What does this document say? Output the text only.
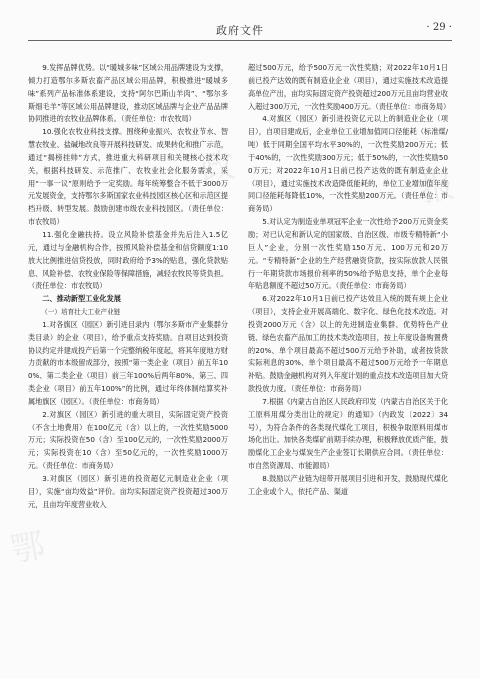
政府文件	· 29 ·

9.发挥品牌优势。以“暖城多味”区域公用品牌建设为支撑，倾力打造鄂尔多斯农畜产品区域公用品牌，积极推进“暖城多味”系列产品标准体系建设，支持“阿尔巴斯山羊肉”、“鄂尔多斯细毛羊”等区域公用品牌建设，推动区域品牌与企业产品品牌协同推进的农牧业品牌体系。（责任单位：市农牧局）

10.强化农牧业科技支撑。围绕种业振兴、农牧业节水、智慧农牧业、盐碱地改良等开展科技研发、成果转化和推广示范，通过“揭榜挂帅”方式，推进重大科研项目和关键核心技术攻关，根据科技研发、示范推广、农牧业社会化服务需求，采用“一事一议”原则给予一定奖励。每年统筹整合不低于3000万元发展资金，支持鄂尔多斯国家农业科技园区核心区和示范区提档升级、转型发展。鼓励创建市级农业科技园区。（责任单位：市农牧局）

11.强化金融扶持。设立风险补偿基金并先后注入1.5亿元，通过与金融机构合作，按照风险补偿基金和信贷额度1:10放大比例推进信贷投放，同时政府给予3%的贴息，强化贷款贴息、风险补偿、农牧业保险等保障措施，减轻农牧民等贷负担。（责任单位：市农牧局）

二、推动新型工业化发展

（一）培育壮大工业产业链

1.对各旗区（园区）新引进目录内（鄂尔多斯市产业集群分类目录）的企业（项目），给予重点支持奖励。自项目达到投资协议约定并建成投产后第一个完整纳税年度起，将其年度地方财力贡献的市本级留成部分，按照“第一类企业（项目）前五年100%、第二类企业（项目）前三年100%后两年80%、第三、四类企业（项目）前五年100%”的比例，通过年终体制结算奖补属地旗区（园区）。（责任单位：市商务局）

2.对旗区（园区）新引进的重大项目，实际固定资产投资（不含土地费用）在100亿元（含）以上的，一次性奖励5000万元；实际投资在50（含）至100亿元的，一次性奖励2000万元；实际投资在10（含）至50亿元的，一次性奖励1000万元。（责任单位：市商务局）

3.对旗区（园区）新引进的投资超亿元制造业企业（项目），实施“亩均效益”评价。亩均实际固定资产投资超过300万元，且亩均年度营业收入

超过500万元，给予500万元一次性奖励；对2022年10月1日前已投产达效的既有制造业企业（项目），通过实施技术改造提高单位产出，亩均实际固定资产投资超过200万元且亩均营业收入超过300万元，一次性奖励400万元。（责任单位：市商务局）

4.对旗区（园区）新引进投资亿元以上的制造业企业（项目），自项目建成后，企业单位工业增加值同口径能耗（标准煤/吨）低于同期全国平均水平30%的，一次性奖励200万元；低于40%的，一次性奖励300万元；低于50%的，一次性奖励500万元；对2022年10月1日前已投产达效的既有制造业企业（项目），通过实施技术改造降低能耗的，单位工业增加值年度同口径能耗每降低10%，一次性奖励200万元。（责任单位：市商务局）

5.对认定为制造业单项冠军企业一次性给予200万元资金奖励；对已认定和新认定的国家级、自治区级、市级专精特新“小巨人”企业，分别一次性奖励150万元、100万元和20万元。“专精特新”企业的生产经营融资贷款，按实际放款人民银行一年期贷款市场报价利率的50%给予贴息支持，单个企业每年贴息额度不超过50万元。（责任单位：市商务局）

6.对2022年10月1日前已投产达效且入统的既有规上企业（项目），支持企业开展高端化、数字化、绿色化技术改造。对投资2000万元（含）以上的先进制造业集群、优势特色产业链、绿色农畜产品加工的技术类改造项目，按上年度设备购置费的20%、单个项目最高不超过500万元给予补助，或者按贷款实际利息的30%、单个项目最高不超过500万元给予一年期息补贴。鼓励金融机构对列入年度计划的重点技术改造项目加大贷款投放力度。（责任单位：市商务局）

7.根据《内蒙古自治区人民政府印发（内蒙古自治区关于化工原料用煤分类出让的规定）的通知》（内政发〔2022〕34号），为符合条件的各类现代煤化工项目，积极争取原料用煤市场化出让。加快各类煤矿前期手续办理，积极释放优质产能，鼓励煤化工企业与煤炭生产企业签订长期供应合同。（责任单位：市自然资源局、市能源局）

8.鼓励以产业链为纽带开展项目引进和开发，鼓励现代煤化工企业或个人，依托产品、渠道

鄂
政	报
